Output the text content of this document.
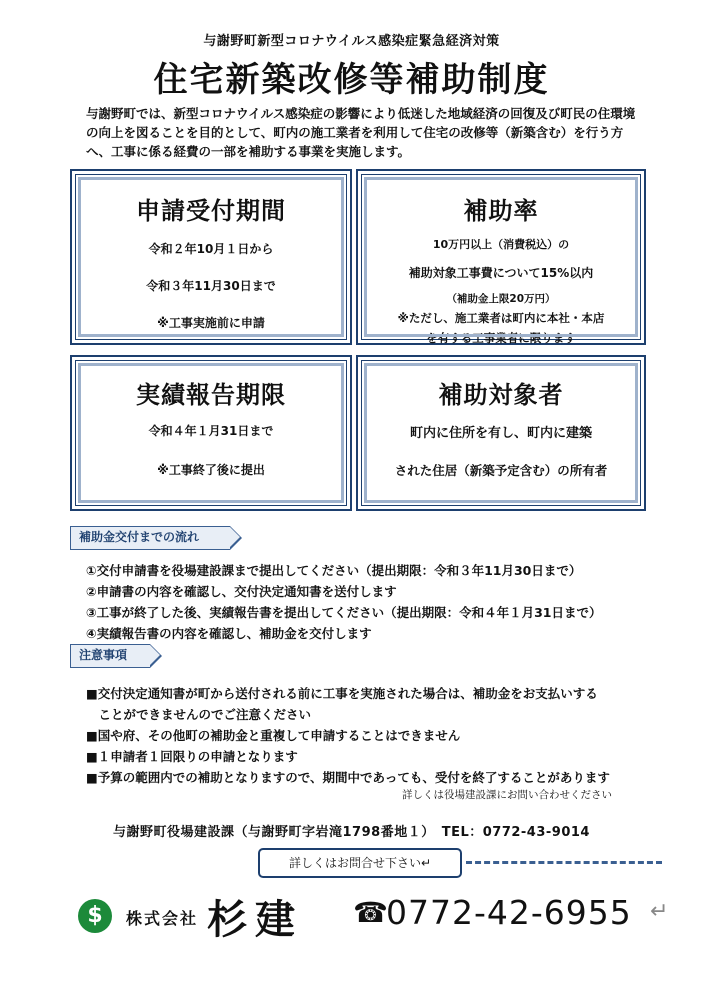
与謝野町新型コロナウイルス感染症緊急経済対策
住宅新築改修等補助制度
与謝野町では、新型コロナウイルス感染症の影響により低迷した地域経済の回復及び町民の住環境の向上を図ることを目的として、町内の施工業者を利用して住宅の改修等（新築含む）を行う方へ、工事に係る経費の一部を補助する事業を実施します。
申請受付期間

令和２年10月１日から

令和３年11月30日まで

※工事実施前に申請

補助率

10万円以上（消費税込）の

補助対象工事費について15%以内

（補助金上限20万円）

※ただし、施工業者は町内に本社・本店

を有する工事業者に限ります

実績報告期限

令和４年１月31日まで

※工事終了後に提出

補助対象者

町内に住所を有し、町内に建築

された住居（新築予定含む）の所有者

補助金交付までの流れ
①交付申請書を役場建設課まで提出してください（提出期限：令和３年11月30日まで）
②申請書の内容を確認し、交付決定通知書を送付します
③工事が終了した後、実績報告書を提出してください（提出期限：令和４年１月31日まで）
④実績報告書の内容を確認し、補助金を交付します
注意事項
■交付決定通知書が町から送付される前に工事を実施された場合は、補助金をお支払いする
　ことができませんのでご注意ください
■国や府、その他町の補助金と重複して申請することはできません
■１申請者１回限りの申請となります
■予算の範囲内での補助となりますので、期間中であっても、受付を終了することがあります
詳しくは役場建設課にお問い合わせください
与謝野町役場建設課（与謝野町字岩滝1798番地１）　TEL：0772-43-9014
詳しくはお問合せ下さい↵
$	株式会社 杉建 ☎
0772-42-6955 ↵
